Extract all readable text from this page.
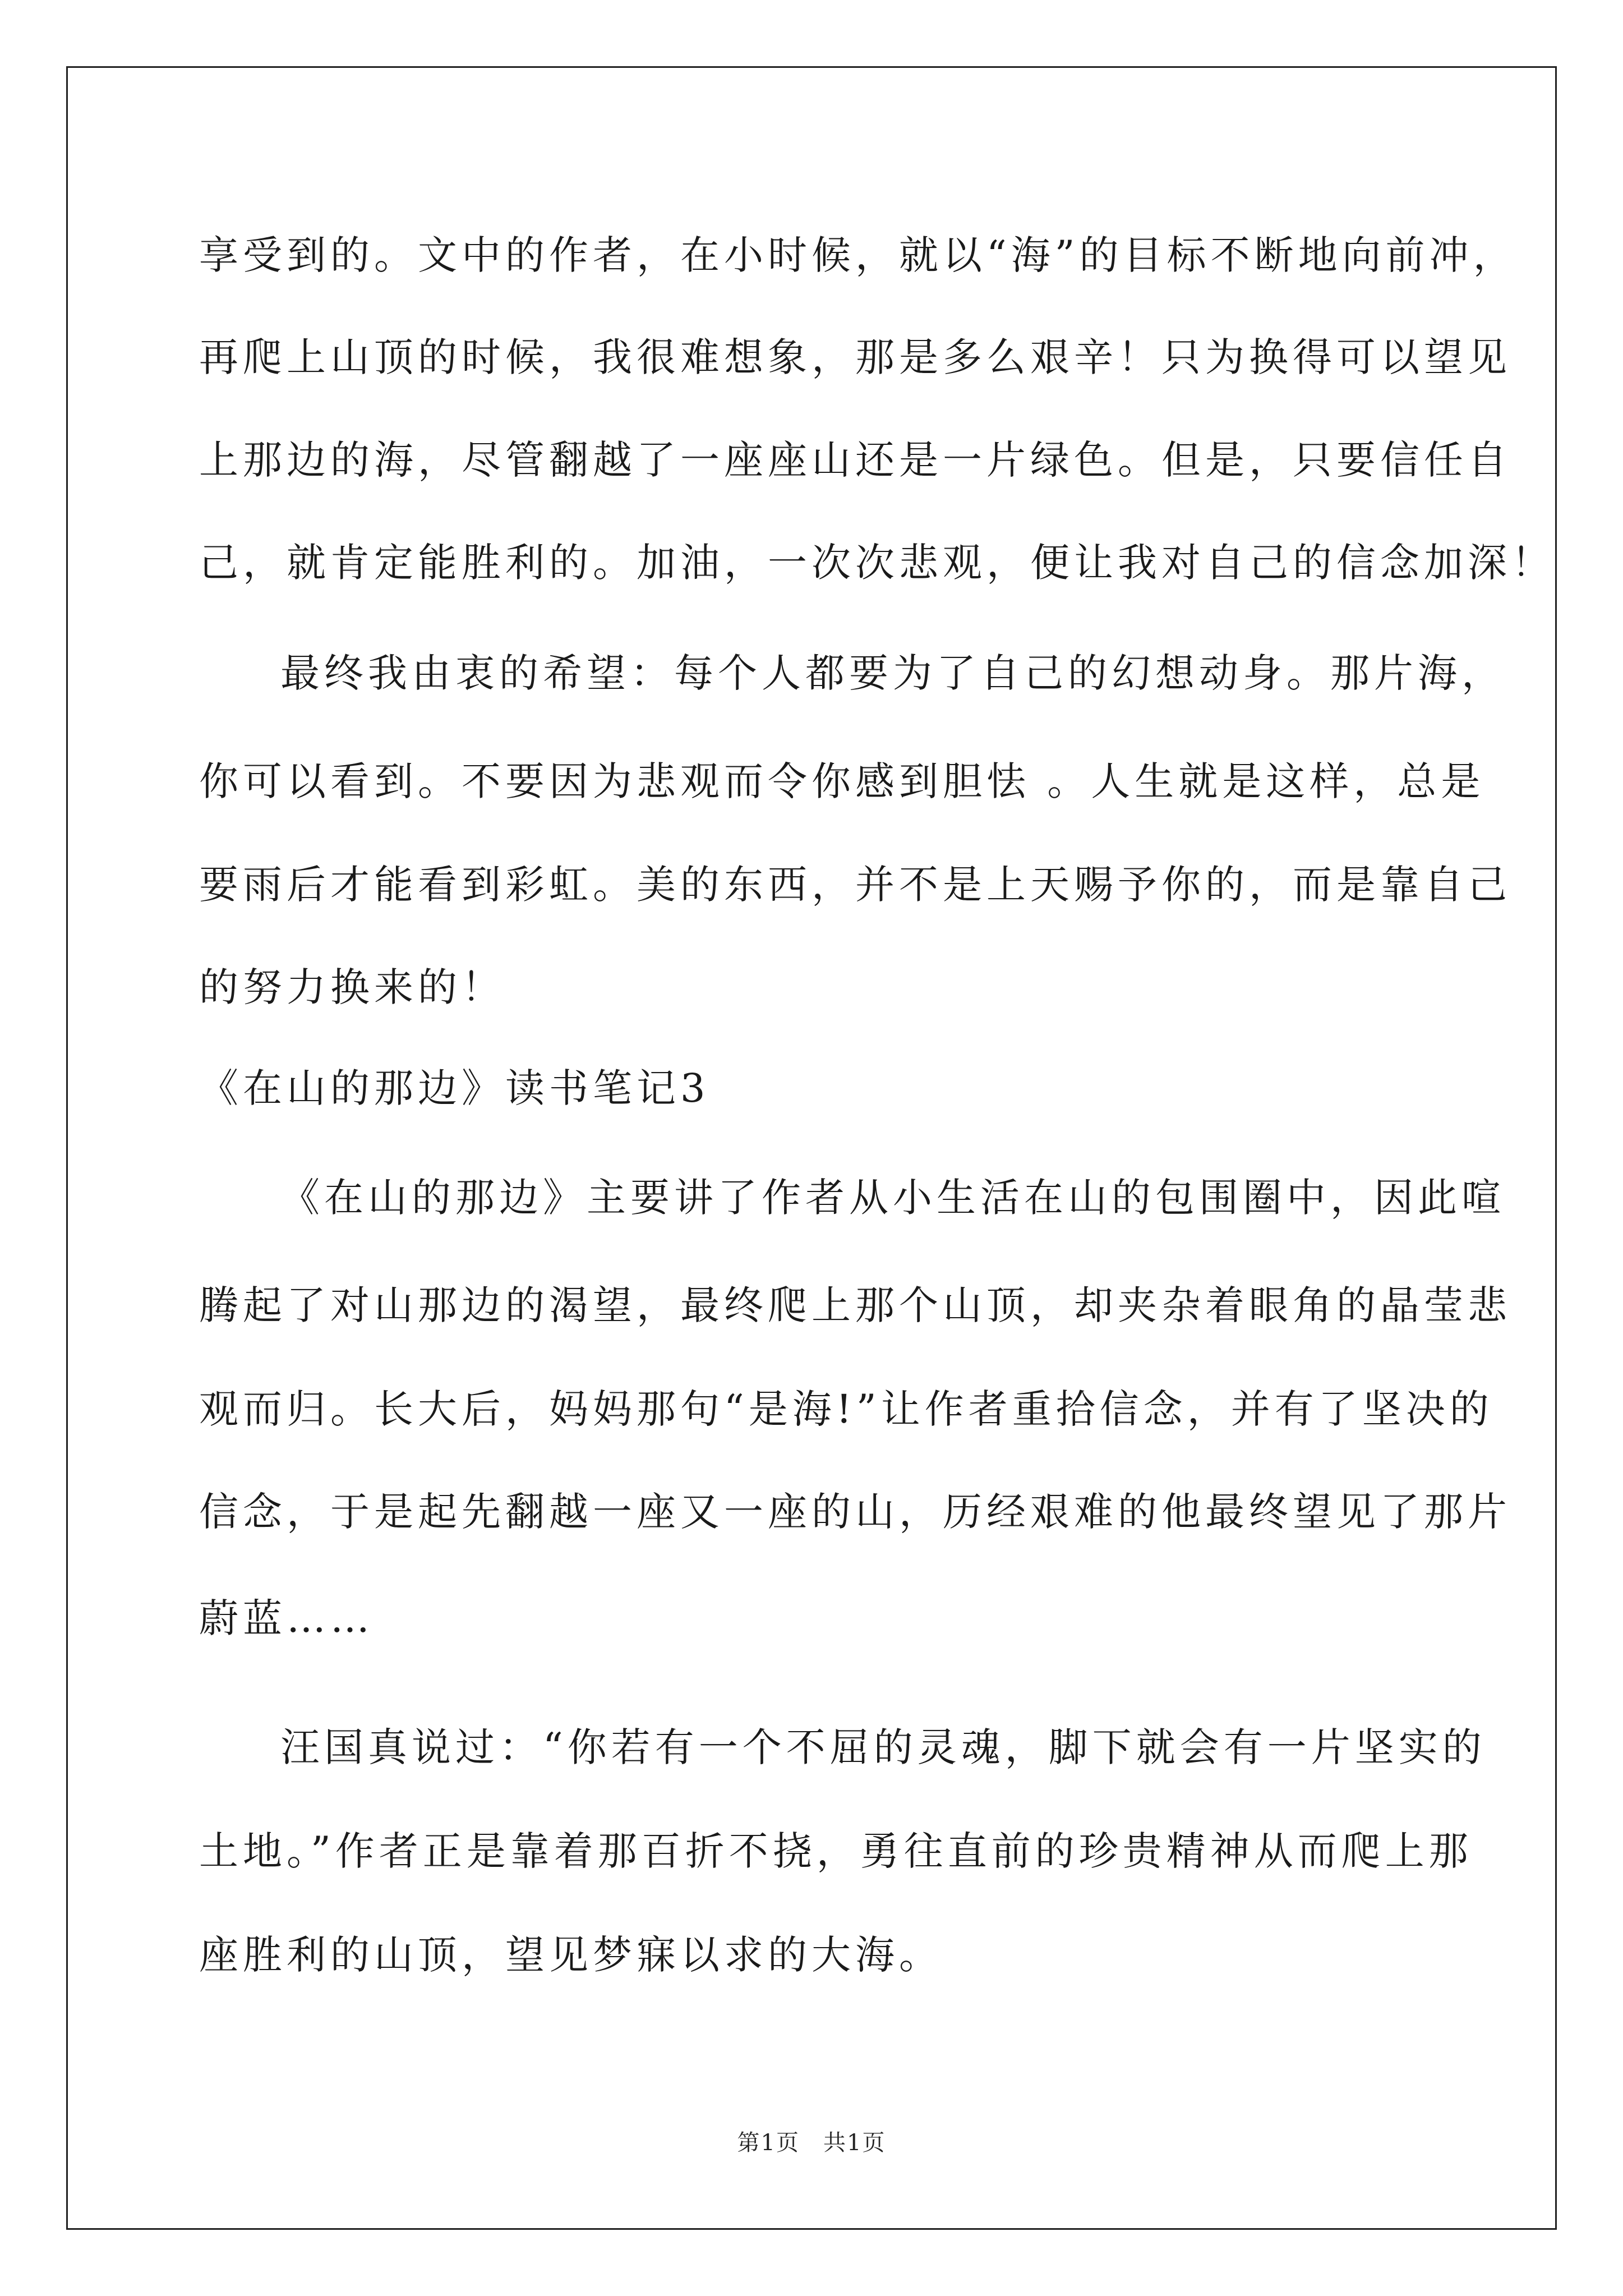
享受到的。文中的作者，在小时候，就以“海”的目标不断地向前冲，
再爬上山顶的时候，我很难想象，那是多么艰辛！只为换得可以望见
上那边的海，尽管翻越了一座座山还是一片绿色。但是，只要信任自
己，就肯定能胜利的。加油，一次次悲观，便让我对自己的信念加深！
最终我由衷的希望：每个人都要为了自己的幻想动身。那片海，
你可以看到。不要因为悲观而令你感到胆怯 。人生就是这样，总是
要雨后才能看到彩虹。美的东西，并不是上天赐予你的，而是靠自己
的努力换来的！
《在山的那边》读书笔记3
《在山的那边》主要讲了作者从小生活在山的包围圈中，因此喧
腾起了对山那边的渴望，最终爬上那个山顶，却夹杂着眼角的晶莹悲
观而归。长大后，妈妈那句“是海!”让作者重拾信念，并有了坚决的
信念，于是起先翻越一座又一座的山，历经艰难的他最终望见了那片
蔚蓝……
汪国真说过：“你若有一个不屈的灵魂，脚下就会有一片坚实的
土地。”作者正是靠着那百折不挠，勇往直前的珍贵精神从而爬上那
座胜利的山顶，望见梦寐以求的大海。
第1页　共1页
